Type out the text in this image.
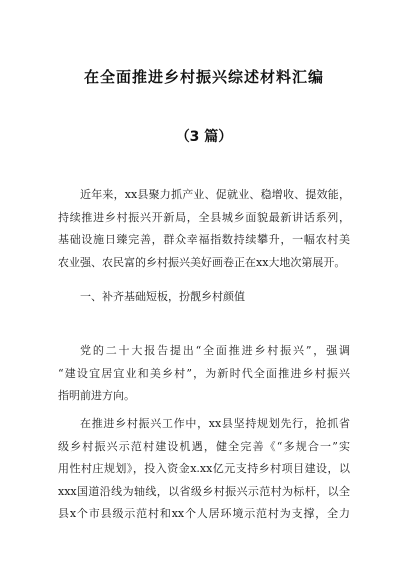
在全面推进乡村振兴综述材料汇编
（3 篇）
近年来，xx县聚力抓产业、促就业、稳增收、提效能，
持续推进乡村振兴开新局，全县城乡面貌最新讲话系列，
基础设施日臻完善，群众幸福指数持续攀升，一幅农村美
农业强、农民富的乡村振兴美好画卷正在xx大地次第展开。
一、补齐基础短板，扮靓乡村颜值
党的二十大报告提出“全面推进乡村振兴”，强调
“建设宜居宜业和美乡村”，为新时代全面推进乡村振兴
指明前进方向。
在推进乡村振兴工作中，xx县坚持规划先行，抢抓省
级乡村振兴示范村建设机遇，健全完善《“多规合一”实
用性村庄规划》，投入资金x.xx亿元支持乡村项目建设，以
xxx国道沿线为轴线，以省级乡村振兴示范村为标杆，以全
县x个市县级示范村和xx个人居环境示范村为支撑，全力
